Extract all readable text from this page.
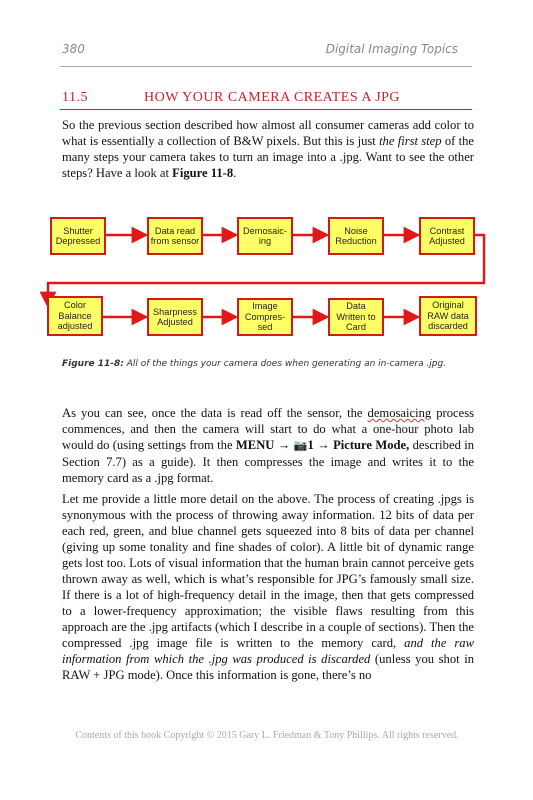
380	Digital Imaging Topics
11.5	HOW YOUR CAMERA CREATES A JPG

So the previous section described how almost all consumer cameras add color to what is essentially a collection of B&W pixels. But this is just the first step of the many steps your camera takes to turn an image into a .jpg. Want to see the other steps? Have a look at Figure 11-8.

Shutter Depressed
Data read from sensor
Demosaic-ing
Noise Reduction
Contrast Adjusted
Color Balance adjusted
Sharpness Adjusted
Image Compres-sed
Data Written to Card
Original RAW data discarded
Figure 11-8: All of the things your camera does when generating an in-camera .jpg.

As you can see, once the data is read off the sensor, the demosaicing process commences, and then the camera will start to do what a one-hour photo lab would do (using settings from the MENU → 📷1 → Picture Mode, described in Section 7.7) as a guide). It then compresses the image and writes it to the memory card as a .jpg format.

Let me provide a little more detail on the above. The process of creating .jpgs is synonymous with the process of throwing away information. 12 bits of data per each red, green, and blue channel gets squeezed into 8 bits of data per channel (giving up some tonality and fine shades of color). A little bit of dynamic range gets lost too. Lots of visual information that the human brain cannot perceive gets thrown away as well, which is what’s responsible for JPG’s famously small size. If there is a lot of high-frequency detail in the image, then that gets compressed to a lower-frequency approximation; the visible flaws resulting from this approach are the .jpg artifacts (which I describe in a couple of sections). Then the compressed .jpg image file is written to the memory card, and the raw information from which the .jpg was produced is discarded (unless you shot in RAW + JPG mode). Once this information is gone, there’s no

Contents of this book Copyright © 2015 Gary L. Friedman & Tony Phillips. All rights reserved.
